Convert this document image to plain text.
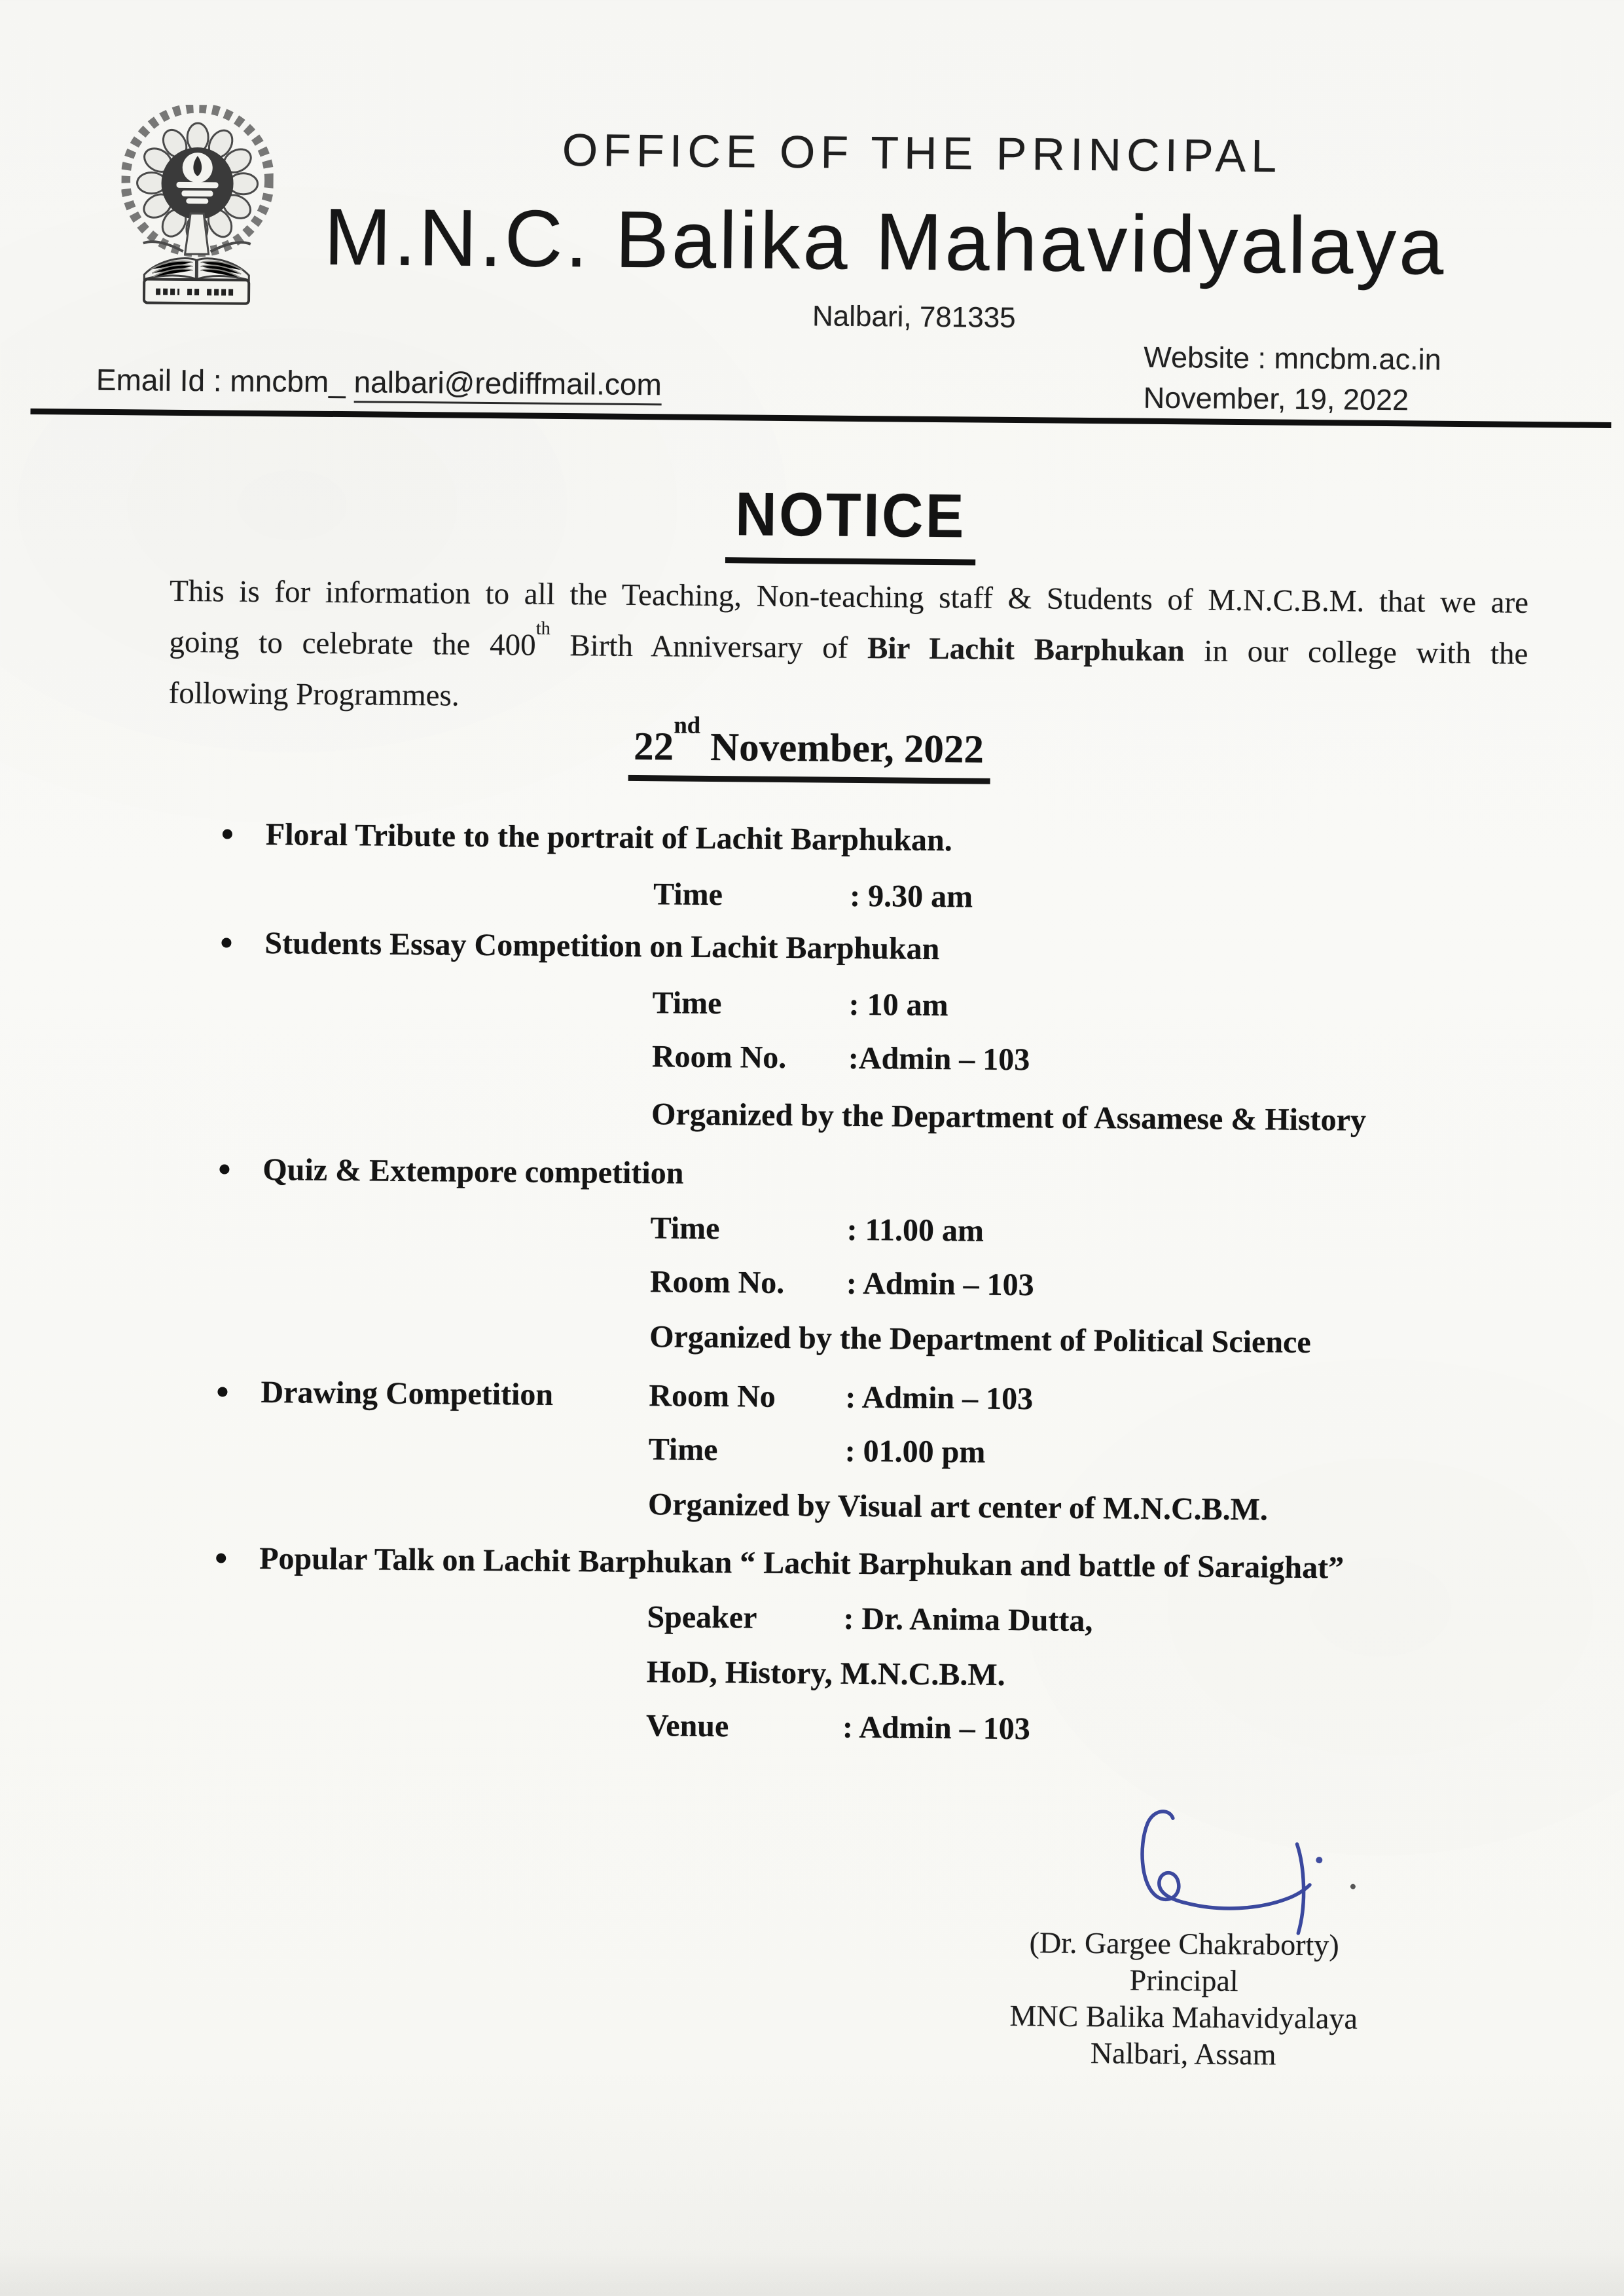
OFFICE OF THE PRINCIPAL
M.N.C. Balika Mahavidyalaya
Nalbari, 781335
Website : mncbm.ac.in
November, 19, 2022
Email Id : mncbm_ nalbari@rediffmail.com
NOTICE
This is for information to all the Teaching, Non-teaching staff & Students of M.N.C.B.M. that we are
going to celebrate the 400th Birth Anniversary of Bir Lachit Barphukan in our college with the
following Programmes.
22nd November, 2022
Floral Tribute to the portrait of Lachit Barphukan.
Time	: 9.30 am
Students Essay Competition on Lachit Barphukan
Time	: 10 am
Room No. :Admin – 103
Organized by the Department of Assamese & History
Quiz & Extempore competition
Time	: 11.00 am
Room No. : Admin – 103
Organized by the Department of Political Science
Drawing Competition	Room No : Admin – 103
Time	: 01.00 pm
Organized by Visual art center of M.N.C.B.M.
Popular Talk on Lachit Barphukan “ Lachit Barphukan and battle of Saraighat”
Speaker	: Dr. Anima Dutta,
HoD, History, M.N.C.B.M.
Venue	: Admin – 103
(Dr. Gargee Chakraborty)
Principal
MNC Balika Mahavidyalaya
Nalbari, Assam
